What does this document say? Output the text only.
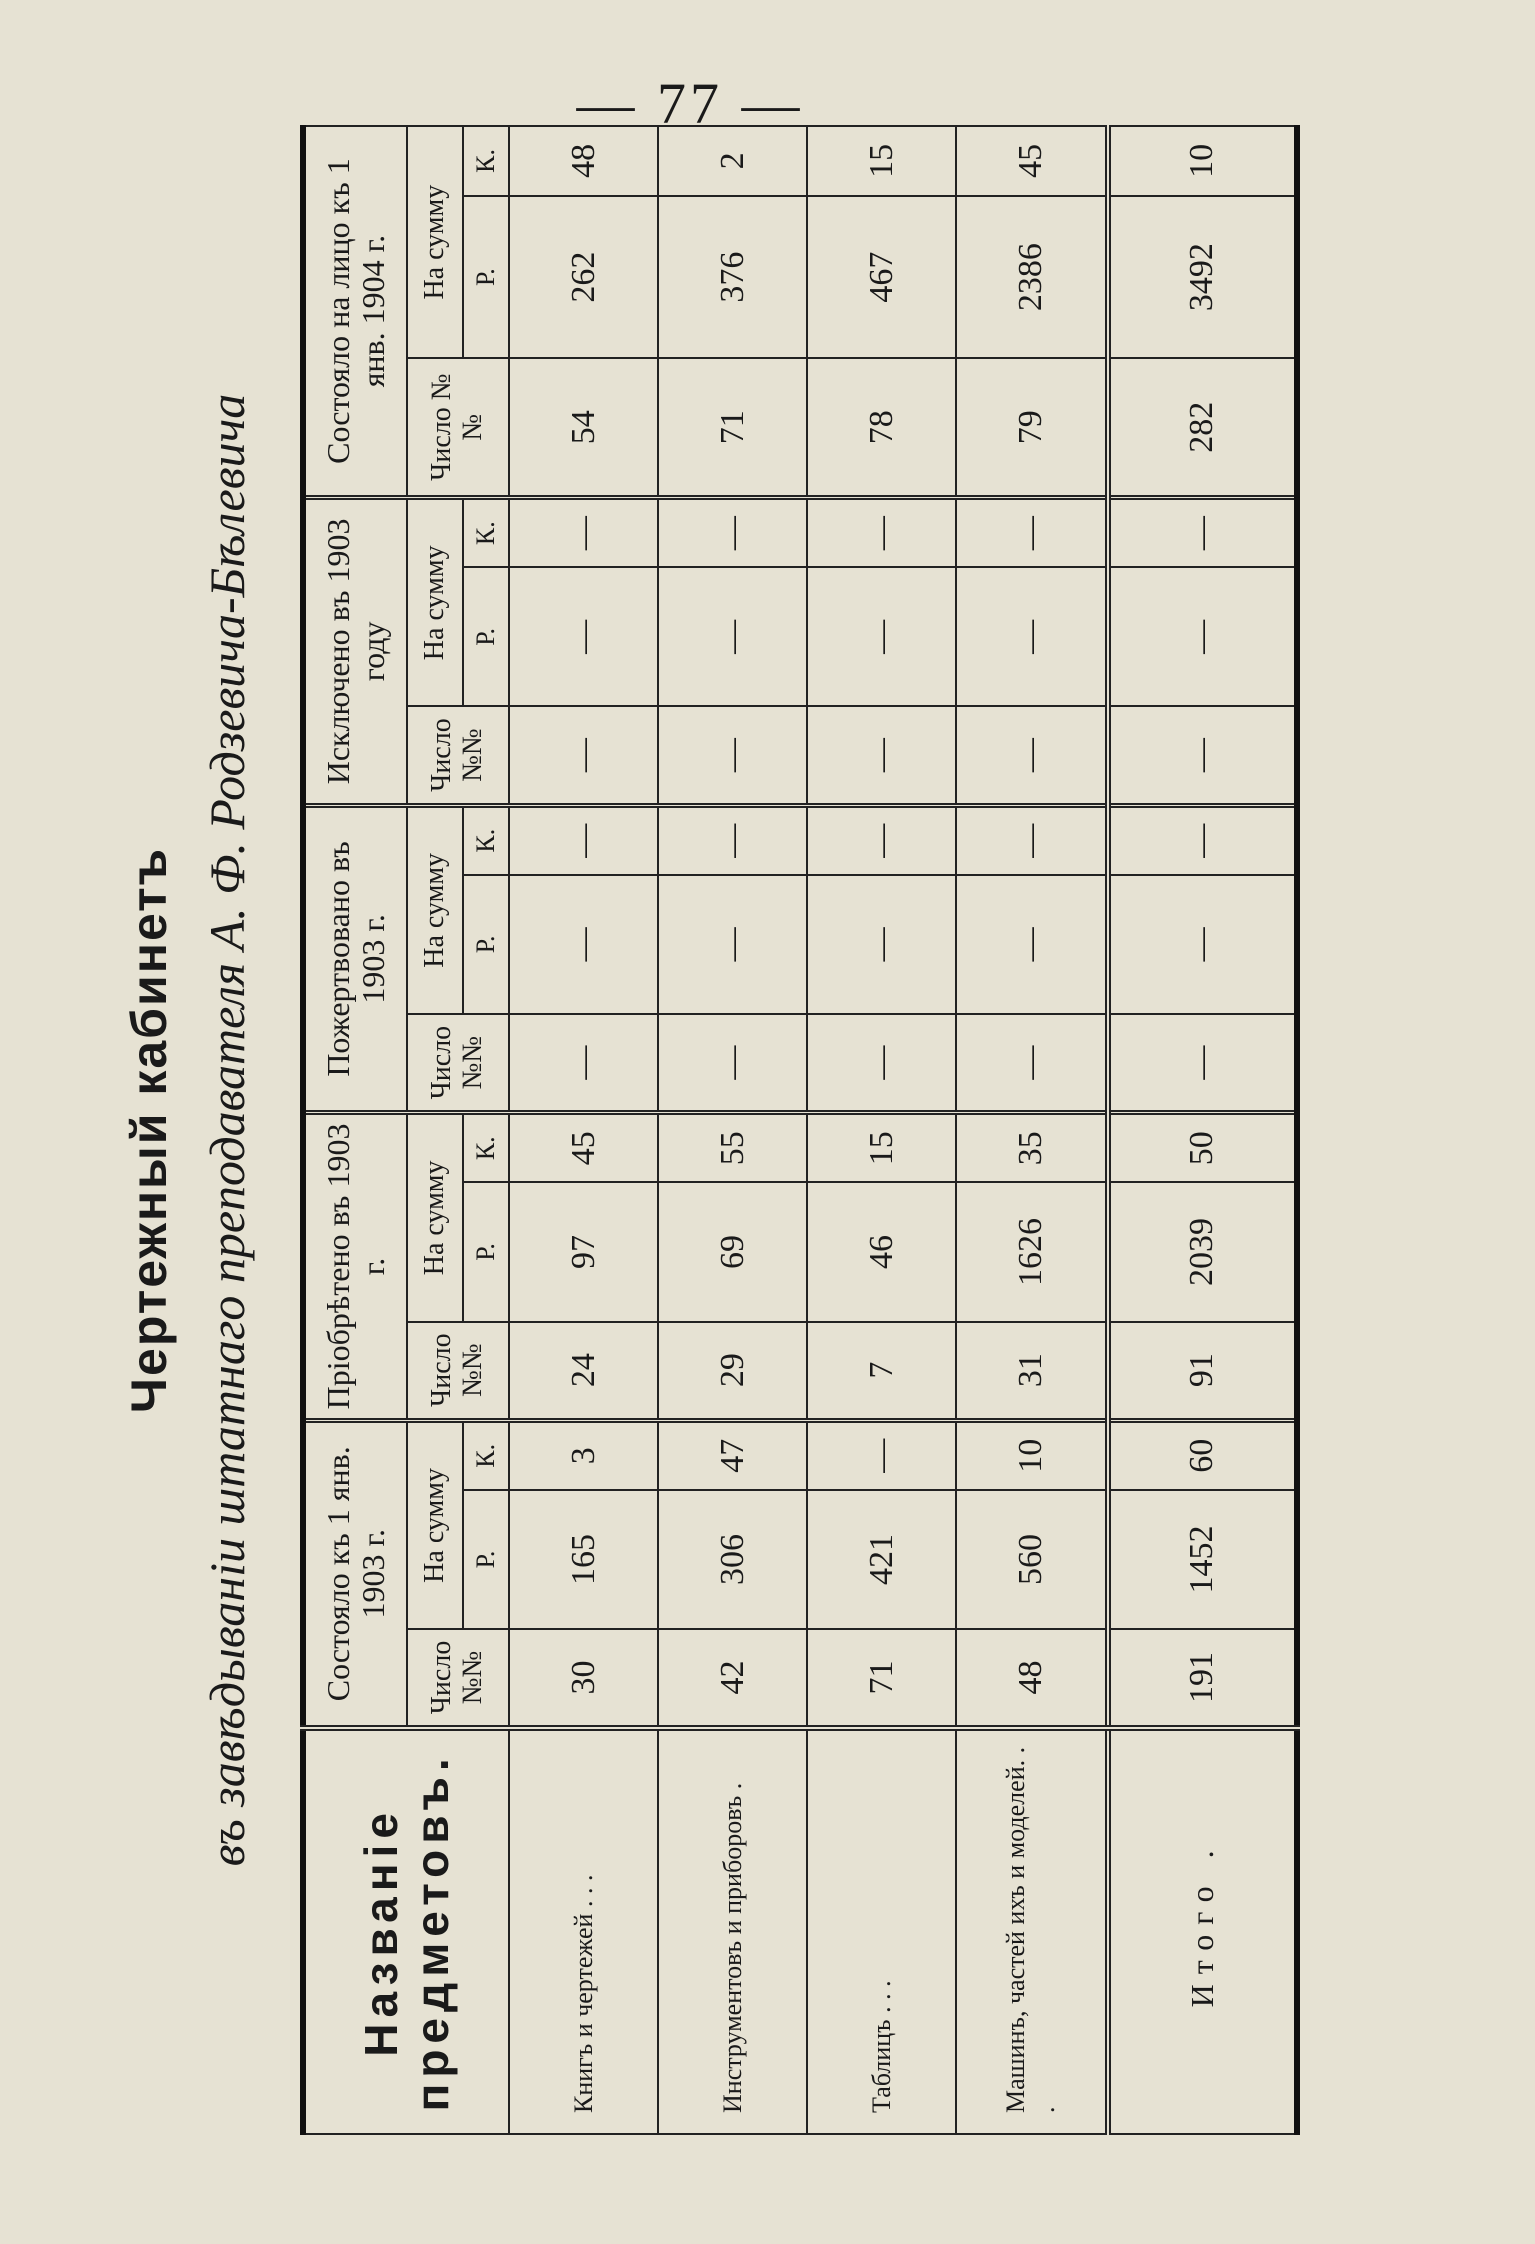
— 77 —
Чертежный кабинетъ въ завѣдываніи штатнаго преподавателя А. Ф. Родзевича-Бѣлевича
Названіе предметовъ.	Состояло къ 1 янв. 1903 г.			Пріобрѣтено въ 1903 г.			Пожертвовано въ 1903 г.			Исключено въ 1903 году			Состояло на лицо къ 1 янв. 1904 г.		
	Число №№	На сумму		Число №№	На сумму		Число №№	На сумму		Число №№	На сумму		Число №№	На сумму	
		Р.	К.		Р.	К.		Р.	К.		Р.	К.		Р.	К.
Книгъ и чертежей . . .	30	165	3	24	97	45	—	—	—	—	—	—	54	262	48
Инструментовъ и приборовъ .	42	306	47	29	69	55	—	—	—	—	—	—	71	376	2
Таблицъ . . .	71	421	—	7	46	15	—	—	—	—	—	—	78	467	15
Машинъ, частей ихъ и моделей. . .	48	560	10	31	1626	35	—	—	—	—	—	—	79	2386	45
Итого .	191	1452	60	91	2039	50	—	—	—	—	—	—	282	3492	10
